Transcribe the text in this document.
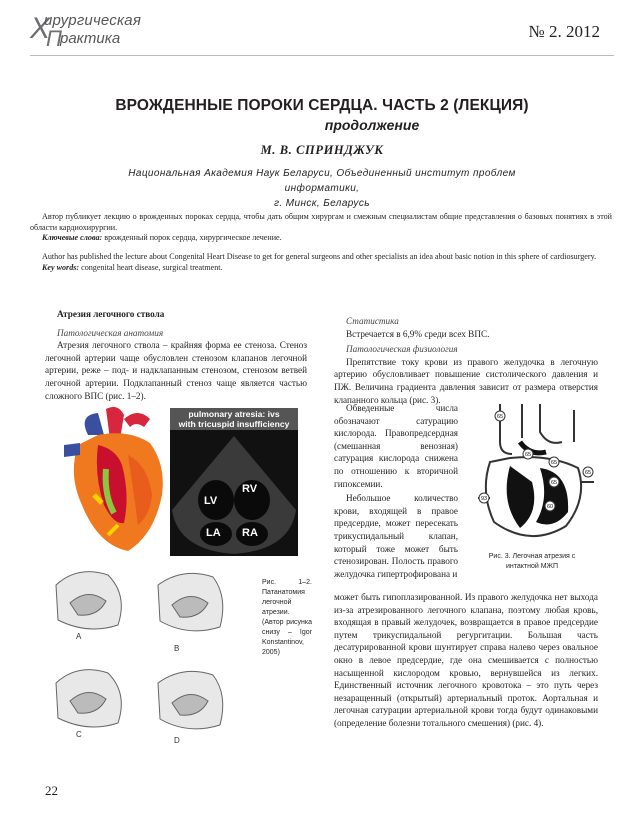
Х
ирургическая
П
рактика	№ 2. 2012
ВРОЖДЕННЫЕ ПОРОКИ СЕРДЦА. ЧАСТЬ 2 (ЛЕКЦИЯ)
продолжение
М. В. СПРИНДЖУК
Национальная Академия Наук Беларуси, Объединенный институт проблем информатики,
г. Минск, Беларусь
Автор публикует лекцию о врожденных пороках сердца, чтобы дать общим хирургам и смежным специалистам общие представления о базовых понятиях в этой области кардиохирургии.
Ключевые слова: врожденный порок сердца, хирургическое лечение.
Author has published the lecture about Congenital Heart Disease to get for general surgeons and other specialists an idea about basic notion in this sphere of cardiosurgery.
Key words: congenital heart disease, surgical treatment.
Атрезия легочного ствола
Патологическая анатомия

Атрезия легочного ствола – крайняя форма ее стеноза. Стеноз легочной артерии чаще обусловлен стенозом клапанов легочной артерии, реже – под- и надклапанным стенозом, стенозом ветвей легочной артерии. Подклапанный стеноз чаще является частью сложного ВПС (рис. 1–2).

pulmonary atresia: ivs
with tricuspid insufficiency
LV
RV
LA RA
A
B
C
D
Рис. 1–2. Патанатомия легочной атрезии. (Автор рисунка снизу – Igor Konstantinov, 2005)
Статистика
Встречается в 6,9% среди всех ВПС.
Патологическая физиология

Препятствие току крови из правого желудочка в легочную артерию обусловливает повышение систолического давления и ПЖ. Величина градиента давления зависит от размера отверстия клапанного кольца (рис. 3).

Обведенные числа обозначают сатурацию кислорода. Правопредсердная (смешанная венозная) сатурация кислорода снижена по отношению к вторичной гипоксемии.

Небольшое количество крови, входящей в правое предсердие, может пересекать трикуспидальный клапан, который тоже может быть стенозирован. Полость правого желудочка гипертрофирована и

65
65
65
65
93
60
65
Рис. 3. Легочная атрезия с интактной МЖП
может быть гипоплазированной. Из правого желудочка нет выхода из-за атрезированного легочного клапана, поэтому любая кровь, входящая в правый желудочек, возвращается в правое предсердие путем трикуспидальной регургитации. Большая часть десатурированной крови шунтирует справа налево через овальное окно в левое предсердие, где она смешивается с полностью насыщенной кислородом кровью, вернувшейся из легких. Единственный источник легочного кровотока – это путь через незаращенный (открытый) артериальный проток. Аортальная и легочная сатурации артериальной крови тогда будут одинаковыми (определение болезни тотального смешения) (рис. 4).
22
